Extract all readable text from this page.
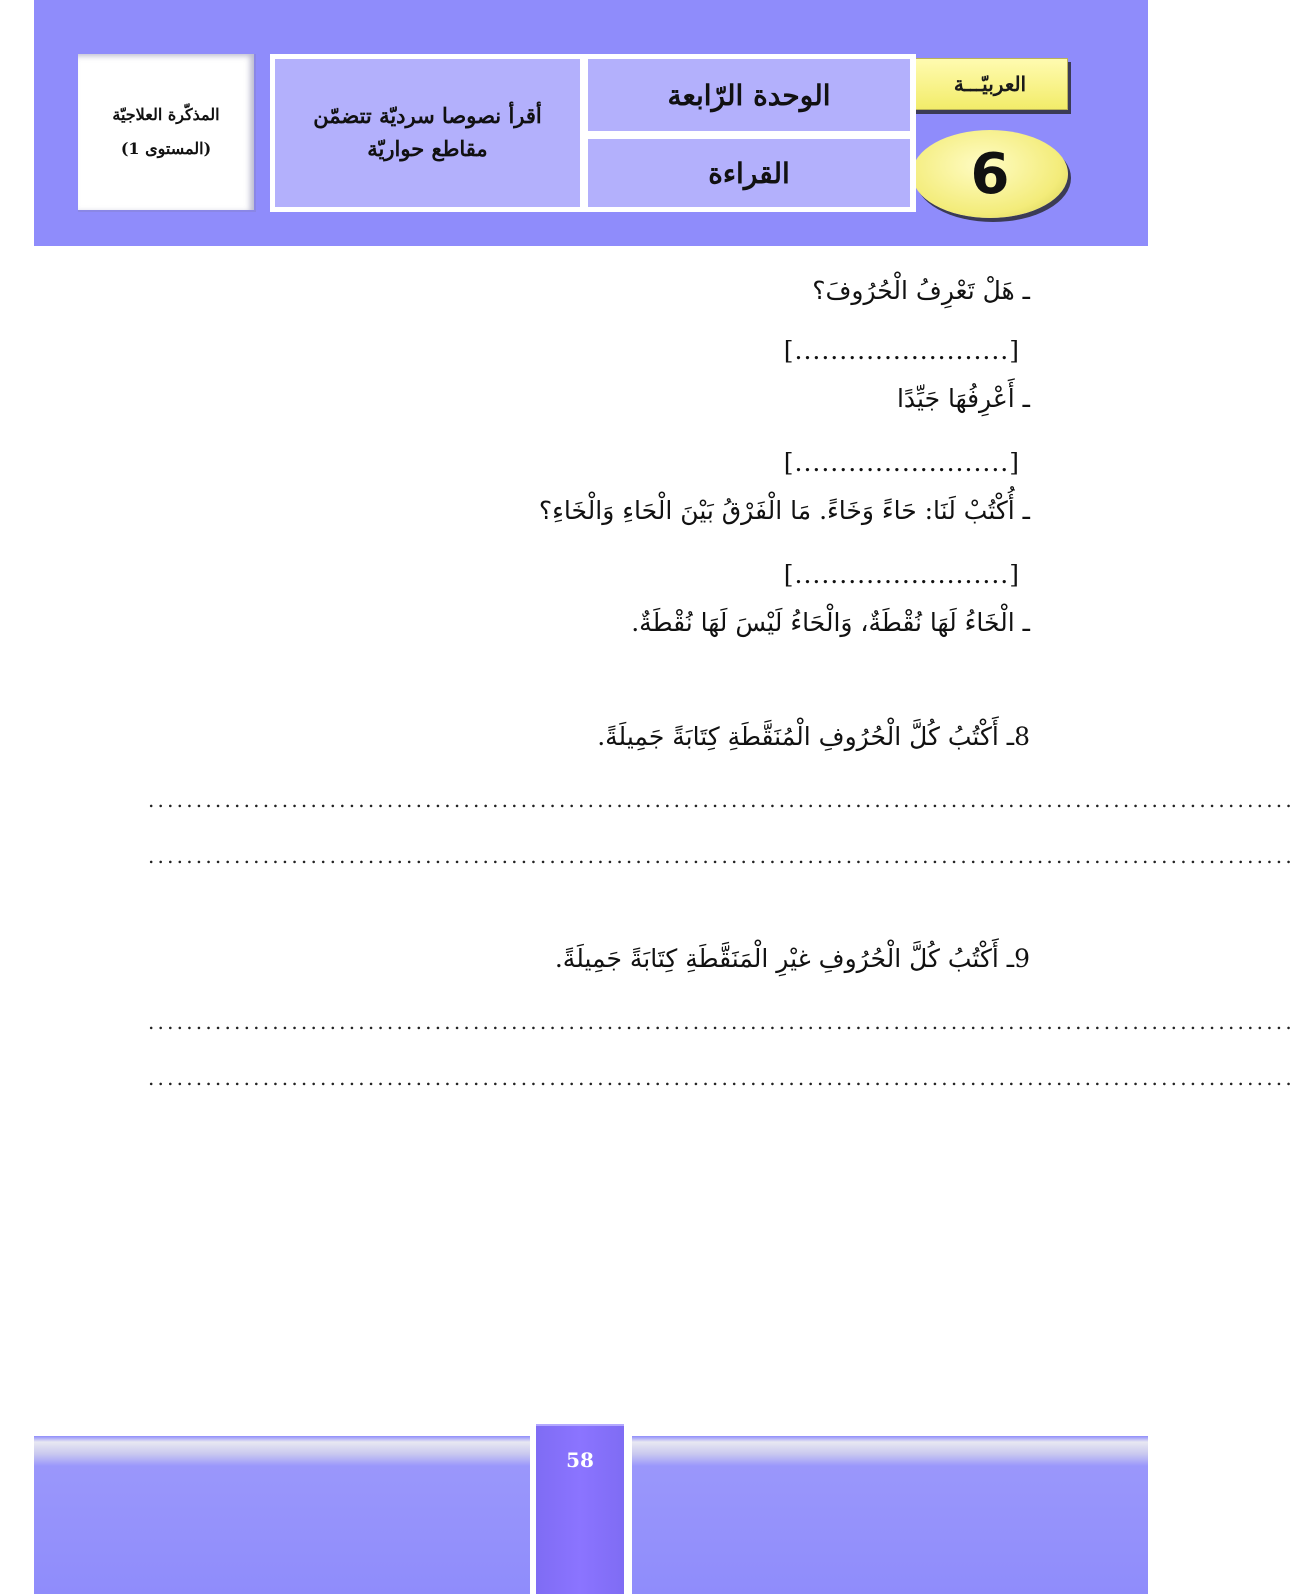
العربيّـــة
6
الوحدة الرّابعة
القراءة
أقرأ نصوصا سرديّة تتضمّن مقاطع حواريّة
المذكّرة العلاجيّة
(المستوى 1)
ـ هَلْ تَعْرِفُ الْحُرُوفَ؟
[........................]
ـ أَعْرِفُهَا جَيِّدًا
[........................]
ـ أُكْتُبْ لَنَا: حَاءً وَخَاءً. مَا الْفَرْقُ بَيْنَ الْحَاءِ وَالْخَاءِ؟
[........................]
ـ الْخَاءُ لَهَا نُقْطَةٌ، وَالْحَاءُ لَيْسَ لَهَا نُقْطَةٌ.
8ـ أَكْتُبُ كُلَّ الْحُرُوفِ الْمُنَقَّطَةِ كِتَابَةً جَمِيلَةً.
........................................................................................................................
........................................................................................................................
9ـ أَكْتُبُ كُلَّ الْحُرُوفِ غيْرِ الْمَنَقَّطَةِ كِتَابَةً جَمِيلَةً.
........................................................................................................................
........................................................................................................................
58
